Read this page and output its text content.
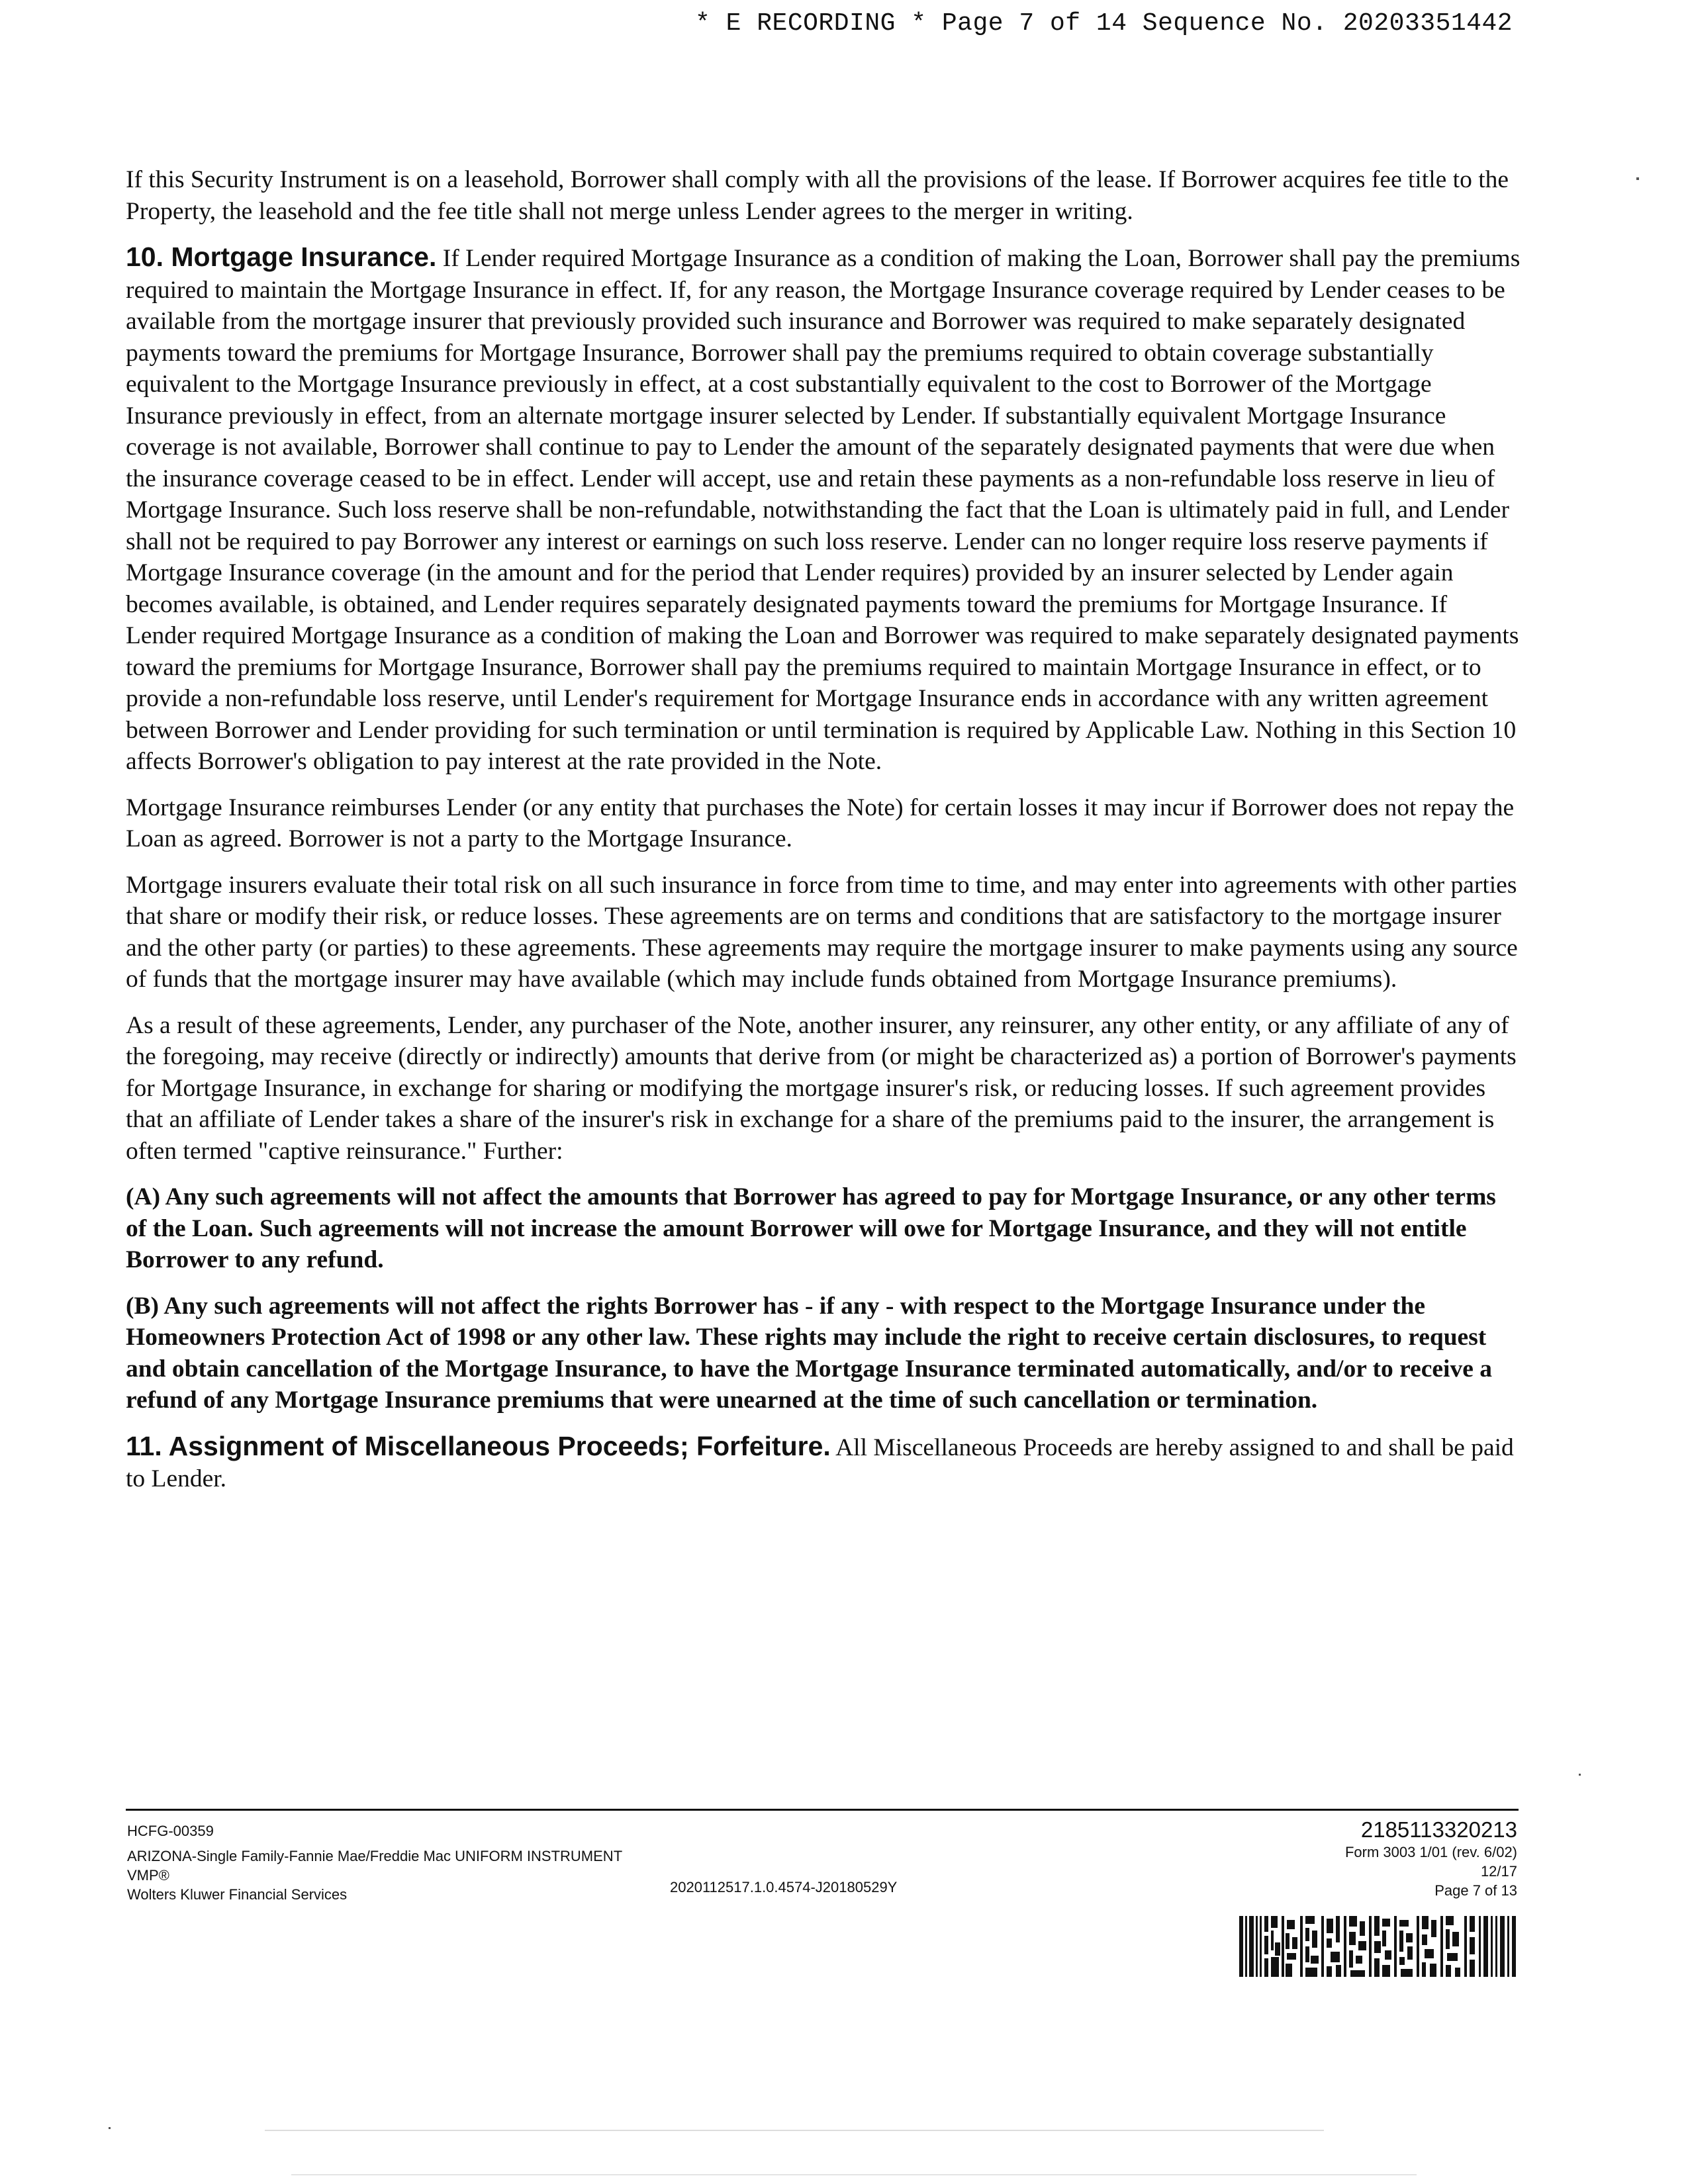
* E RECORDING * Page 7 of 14 Sequence No. 20203351442

If this Security Instrument is on a leasehold, Borrower shall comply with all the provisions of the lease. If Borrower acquires fee title to the Property, the leasehold and the fee title shall not merge unless Lender agrees to the merger in writing.

10. Mortgage Insurance. If Lender required Mortgage Insurance as a condition of making the Loan, Borrower shall pay the premiums required to maintain the Mortgage Insurance in effect. If, for any reason, the Mortgage Insurance coverage required by Lender ceases to be available from the mortgage insurer that previously provided such insurance and Borrower was required to make separately designated payments toward the premiums for Mortgage Insurance, Borrower shall pay the premiums required to obtain coverage substantially equivalent to the Mortgage Insurance previously in effect, at a cost substantially equivalent to the cost to Borrower of the Mortgage Insurance previously in effect, from an alternate mortgage insurer selected by Lender. If substantially equivalent Mortgage Insurance coverage is not available, Borrower shall continue to pay to Lender the amount of the separately designated payments that were due when the insurance coverage ceased to be in effect. Lender will accept, use and retain these payments as a non-refundable loss reserve in lieu of Mortgage Insurance. Such loss reserve shall be non-refundable, notwithstanding the fact that the Loan is ultimately paid in full, and Lender shall not be required to pay Borrower any interest or earnings on such loss reserve. Lender can no longer require loss reserve payments if Mortgage Insurance coverage (in the amount and for the period that Lender requires) provided by an insurer selected by Lender again becomes available, is obtained, and Lender requires separately designated payments toward the premiums for Mortgage Insurance. If Lender required Mortgage Insurance as a condition of making the Loan and Borrower was required to make separately designated payments toward the premiums for Mortgage Insurance, Borrower shall pay the premiums required to maintain Mortgage Insurance in effect, or to provide a non-refundable loss reserve, until Lender's requirement for Mortgage Insurance ends in accordance with any written agreement between Borrower and Lender providing for such termination or until termination is required by Applicable Law. Nothing in this Section 10 affects Borrower's obligation to pay interest at the rate provided in the Note.

Mortgage Insurance reimburses Lender (or any entity that purchases the Note) for certain losses it may incur if Borrower does not repay the Loan as agreed. Borrower is not a party to the Mortgage Insurance.

Mortgage insurers evaluate their total risk on all such insurance in force from time to time, and may enter into agreements with other parties that share or modify their risk, or reduce losses. These agreements are on terms and conditions that are satisfactory to the mortgage insurer and the other party (or parties) to these agreements. These agreements may require the mortgage insurer to make payments using any source of funds that the mortgage insurer may have available (which may include funds obtained from Mortgage Insurance premiums).

As a result of these agreements, Lender, any purchaser of the Note, another insurer, any reinsurer, any other entity, or any affiliate of any of the foregoing, may receive (directly or indirectly) amounts that derive from (or might be characterized as) a portion of Borrower's payments for Mortgage Insurance, in exchange for sharing or modifying the mortgage insurer's risk, or reducing losses. If such agreement provides that an affiliate of Lender takes a share of the insurer's risk in exchange for a share of the premiums paid to the insurer, the arrangement is often termed "captive reinsurance." Further:

(A) Any such agreements will not affect the amounts that Borrower has agreed to pay for Mortgage Insurance, or any other terms of the Loan. Such agreements will not increase the amount Borrower will owe for Mortgage Insurance, and they will not entitle Borrower to any refund.

(B) Any such agreements will not affect the rights Borrower has - if any - with respect to the Mortgage Insurance under the Homeowners Protection Act of 1998 or any other law. These rights may include the right to receive certain disclosures, to request and obtain cancellation of the Mortgage Insurance, to have the Mortgage Insurance terminated automatically, and/or to receive a refund of any Mortgage Insurance premiums that were unearned at the time of such cancellation or termination.

11. Assignment of Miscellaneous Proceeds; Forfeiture. All Miscellaneous Proceeds are hereby assigned to and shall be paid to Lender.

HCFG-00359
ARIZONA-Single Family-Fannie Mae/Freddie Mac UNIFORM INSTRUMENT
VMP®
Wolters Kluwer Financial Services	2020112517.1.0.4574-J20180529Y
2185113320213
Form 3003 1/01 (rev. 6/02)
12/17
Page 7 of 13
